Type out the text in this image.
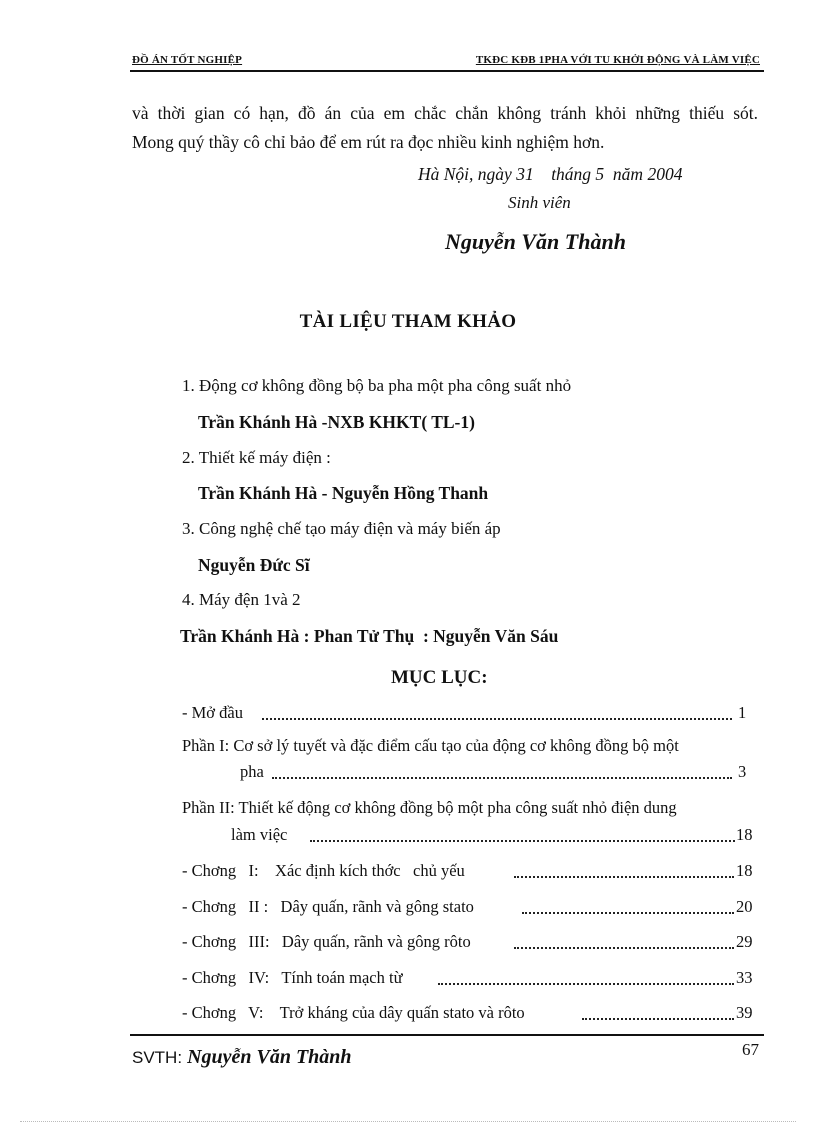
ĐỒ ÁN TỐT NGHIỆP	TKĐC KĐB 1PHA VỚI TU KHỞI ĐỘNG VÀ LÀM VIỆC
và thời gian có hạn, đồ án của em chắc chắn không tránh khỏi những thiếu sót.
Mong quý thầy cô chỉ bảo để em rút ra đọc nhiều kinh nghiệm hơn.
Hà Nội, ngày 31    tháng 5  năm 2004
Sinh viên
Nguyễn Văn Thành
TÀI LIỆU THAM KHẢO
1. Động cơ không đồng bộ ba pha một pha công suất nhỏ
Trần Khánh Hà -NXB KHKT( TL-1)
2. Thiết kế máy điện :
Trần Khánh Hà - Nguyễn Hồng Thanh
3. Công nghệ chế tạo máy điện và máy biến áp
Nguyễn Đức Sĩ
4. Máy đện 1và 2
Trần Khánh Hà : Phan Tử Thụ  : Nguyễn Văn Sáu
MỤC LỤC:
- Mở đầu
Phần I: Cơ sở lý tuyết và đặc điểm cấu tạo của động cơ không đồng bộ một
pha
Phần II: Thiết kế động cơ không đồng bộ một pha công suất nhỏ điện dung
làm việc
- Chơng   I:    Xác định kích thớc   chủ yếu
- Chơng   II :   Dây quấn, rãnh và gông stato
- Chơng   III:   Dây quấn, rãnh và gông rôto
- Chơng   IV:   Tính toán mạch từ
- Chơng   V:    Trở kháng của dây quấn stato và rôto
1
3
18
18
20
29
33
39
SVTH: Nguyễn Văn Thành	67
